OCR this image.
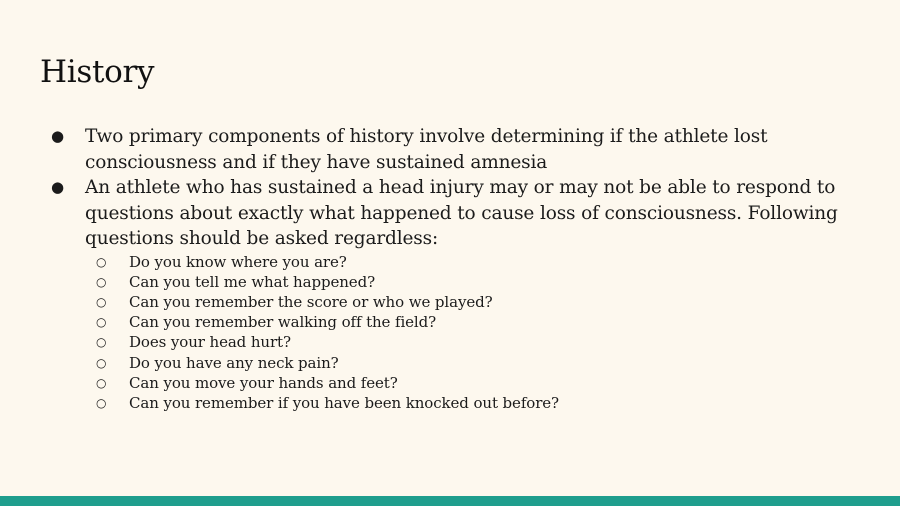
History
● Two primary components of history involve determining if the athlete lost consciousness and if they have sustained amnesia
● An athlete who has sustained a head injury may or may not be able to respond to questions about exactly what happened to cause loss of consciousness. Following questions should be asked regardless:
○ Do you know where you are?
○ Can you tell me what happened?
○ Can you remember the score or who we played?
○ Can you remember walking off the field?
○ Does your head hurt?
○ Do you have any neck pain?
○ Can you move your hands and feet?
○ Can you remember if you have been knocked out before?
